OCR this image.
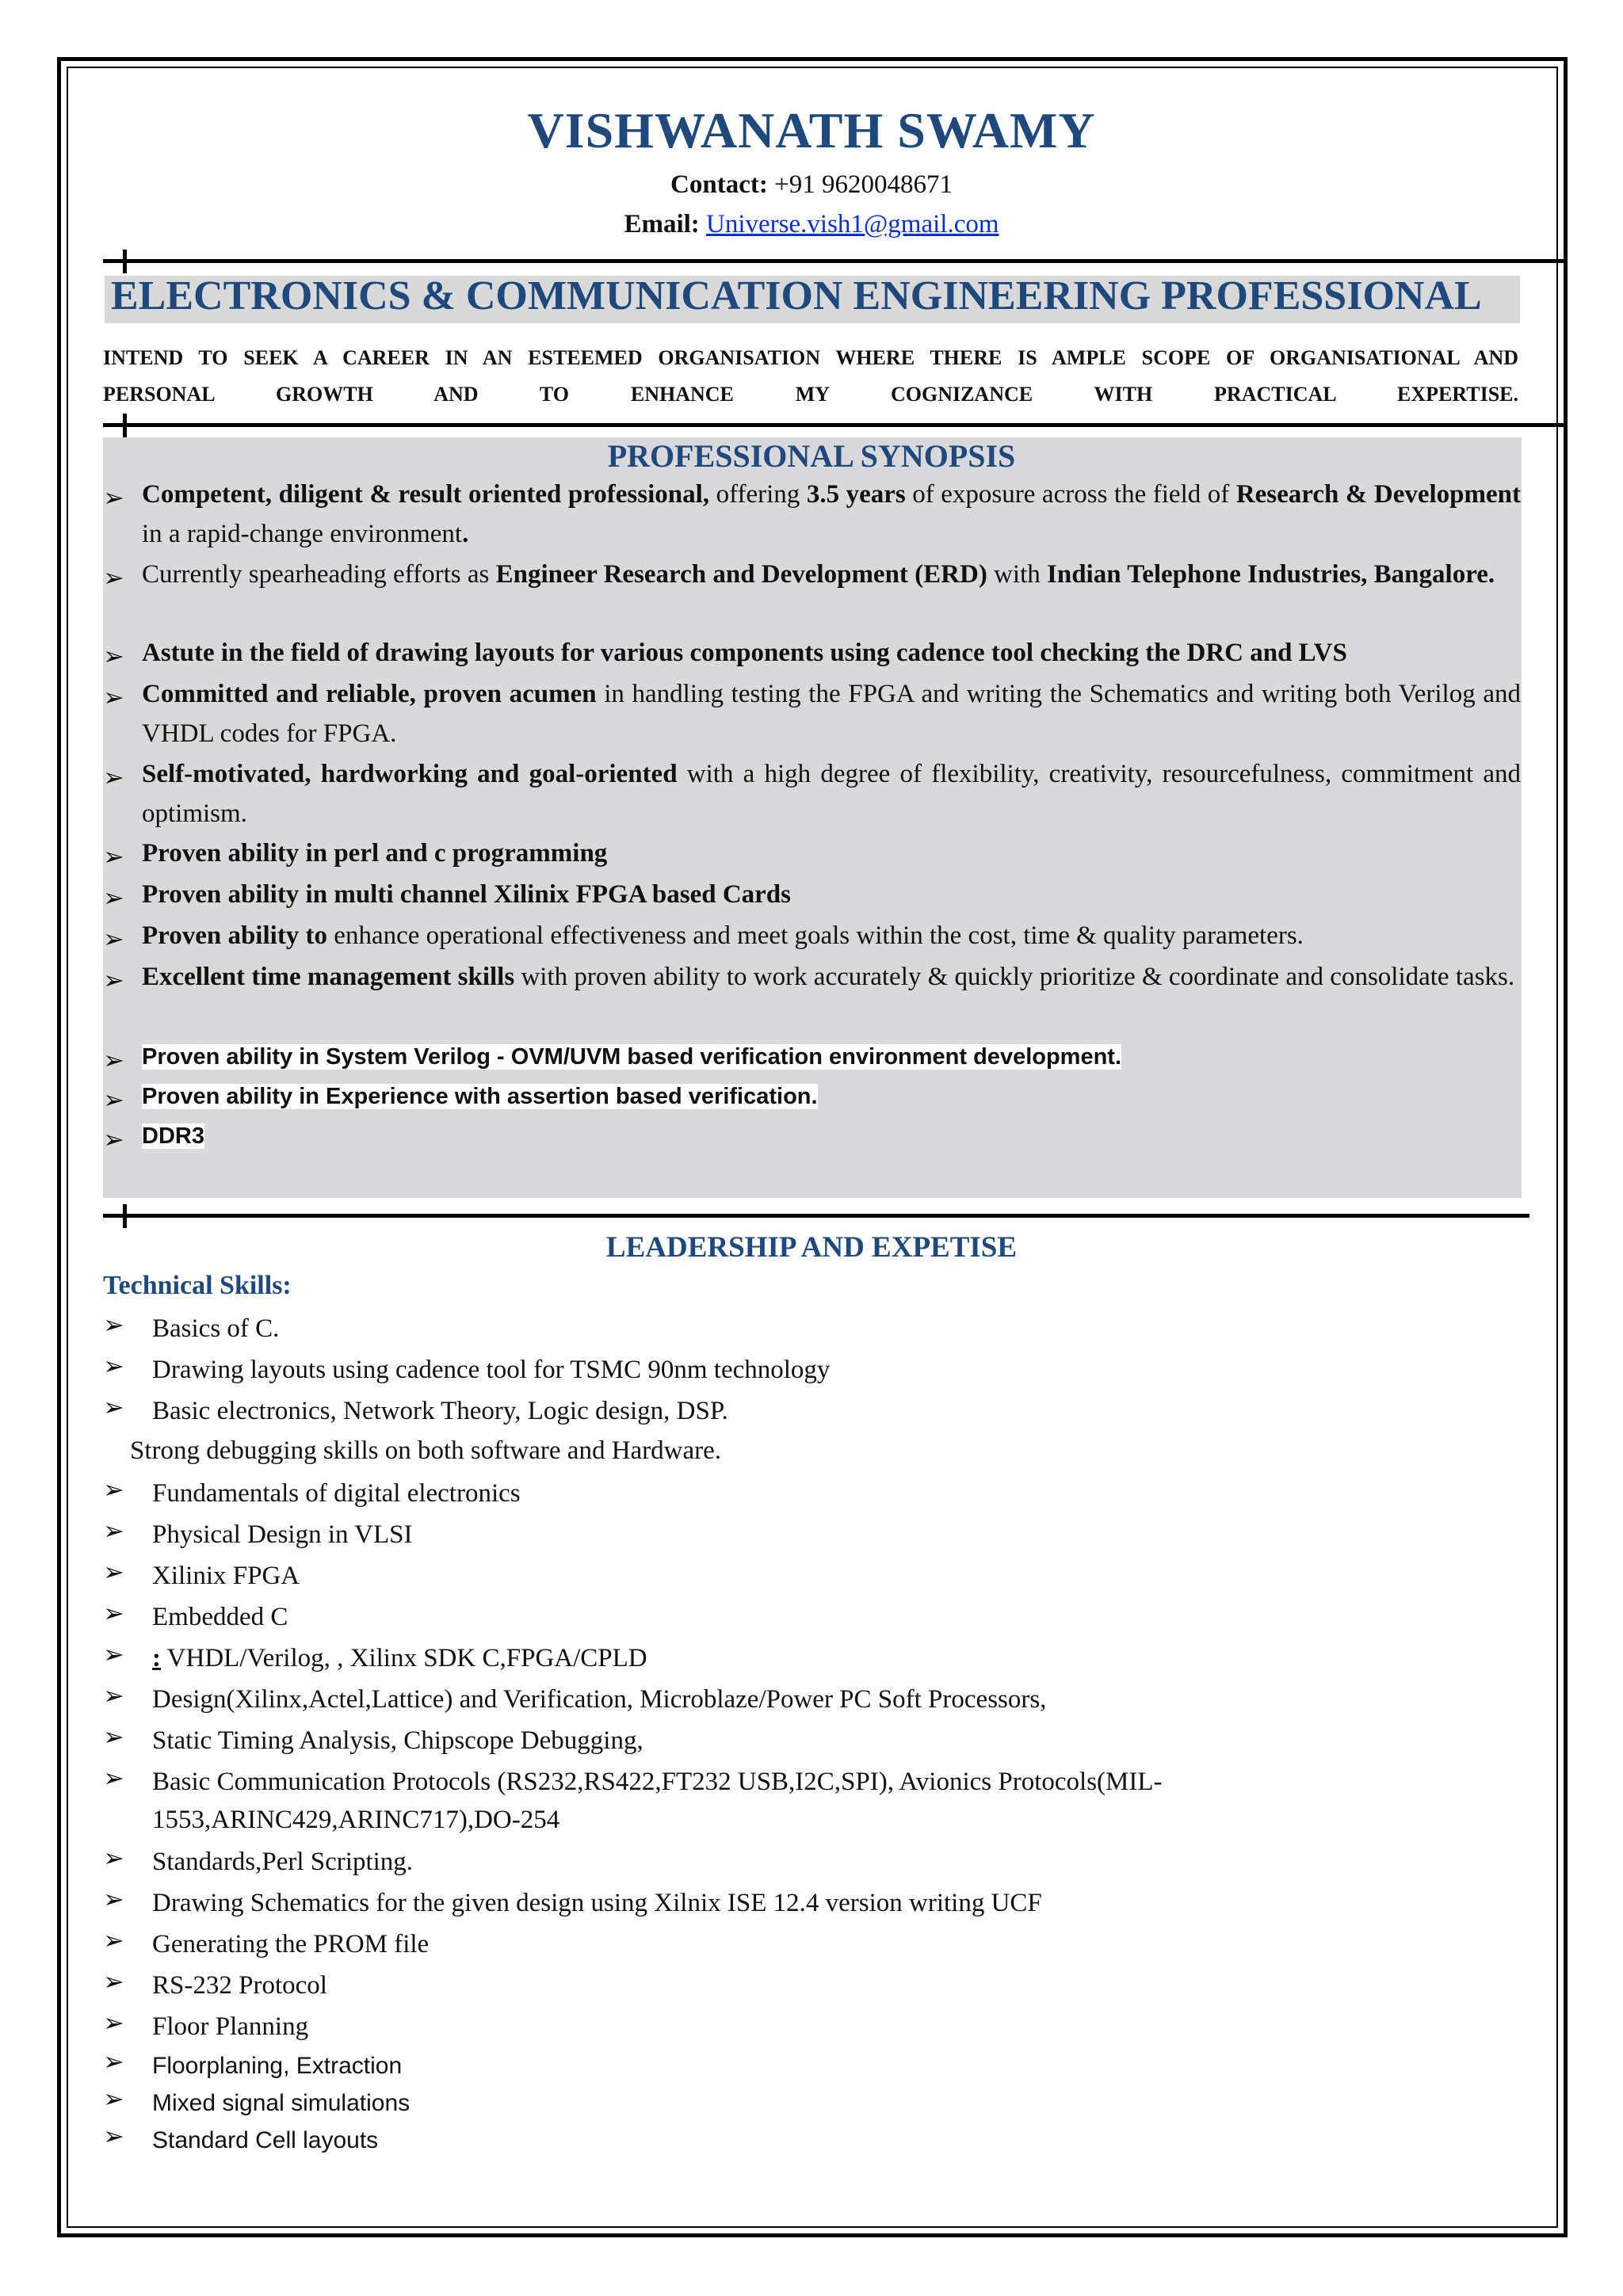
VISHWANATH SWAMY
Contact: +91 9620048671
Email: Universe.vish1@gmail.com
ELECTRONICS & COMMUNICATION ENGINEERING PROFESSIONAL
INTEND TO SEEK A CAREER IN AN ESTEEMED ORGANISATION WHERE THERE IS AMPLE SCOPE OF ORGANISATIONAL AND
PERSONAL GROWTH AND TO ENHANCE MY COGNIZANCE WITH PRACTICAL EXPERTISE.
PROFESSIONAL SYNOPSIS
➢ Competent, diligent & result oriented professional, offering 3.5 years of exposure across the field of Research & Development in a rapid-change environment.
➢ Currently spearheading efforts as Engineer Research and Development (ERD) with Indian Telephone Industries, Bangalore.
➢ Astute in the field of drawing layouts for various components using cadence tool checking the DRC and LVS
➢ Committed and reliable, proven acumen in handling testing the FPGA and writing the Schematics and writing both Verilog and VHDL codes for FPGA.
➢ Self-motivated, hardworking and goal-oriented with a high degree of flexibility, creativity, resourcefulness, commitment and optimism.
➢ Proven ability in perl and c programming
➢ Proven ability in multi channel Xilinix FPGA based Cards
➢ Proven ability to enhance operational effectiveness and meet goals within the cost, time & quality parameters.
➢ Excellent time management skills with proven ability to work accurately & quickly prioritize & coordinate and consolidate tasks.
➢ Proven ability in System Verilog - OVM/UVM based verification environment development.
➢ Proven ability in Experience with assertion based verification.
➢ DDR3
LEADERSHIP AND EXPETISE
Technical Skills:
➢ Basics of C.
➢ Drawing layouts using cadence tool for TSMC 90nm technology
➢ Basic electronics, Network Theory, Logic design, DSP.
Strong debugging skills on both software and Hardware.
➢ Fundamentals of digital electronics
➢ Physical Design in VLSI
➢ Xilinix FPGA
➢ Embedded C
➢ : VHDL/Verilog, , Xilinx SDK C,FPGA/CPLD
➢ Design(Xilinx,Actel,Lattice) and Verification, Microblaze/Power PC Soft Processors,
➢ Static Timing Analysis, Chipscope Debugging,
➢ Basic Communication Protocols (RS232,RS422,FT232 USB,I2C,SPI), Avionics Protocols(MIL-
1553,ARINC429,ARINC717),DO-254
➢ Standards,Perl Scripting.
➢ Drawing Schematics for the given design using Xilnix ISE 12.4 version writing UCF
➢ Generating the PROM file
➢ RS-232 Protocol
➢ Floor Planning
➢ Floorplaning, Extraction
➢ Mixed signal simulations
➢ Standard Cell layouts
